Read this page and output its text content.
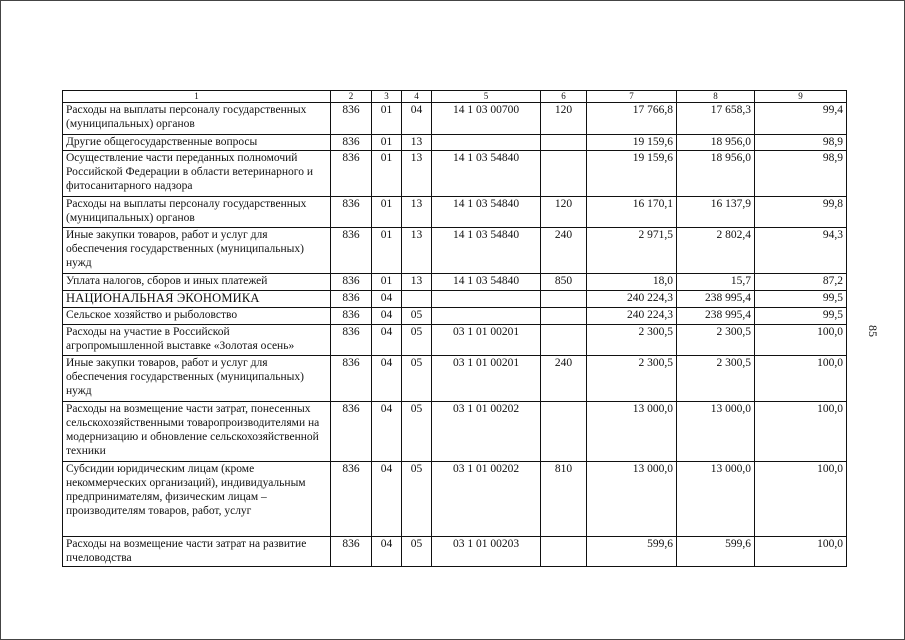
85
1	2	3	4	5	6	7	8	9
Расходы на выплаты персоналу государственных (муниципальных) органов	836	01	04	14 1 03 00700	120	17 766,8	17 658,3	99,4
Другие общегосударственные вопросы	836	01	13			19 159,6	18 956,0	98,9
Осуществление части переданных полномочий Российской Федерации в области ветеринарного и фитосанитарного надзора	836	01	13	14 1 03 54840		19 159,6	18 956,0	98,9
Расходы на выплаты персоналу государственных (муниципальных) органов	836	01	13	14 1 03 54840	120	16 170,1	16 137,9	99,8
Иные закупки товаров, работ и услуг для обеспечения государственных (муниципальных) нужд	836	01	13	14 1 03 54840	240	2 971,5	2 802,4	94,3
Уплата налогов, сборов и иных платежей	836	01	13	14 1 03 54840	850	18,0	15,7	87,2
НАЦИОНАЛЬНАЯ ЭКОНОМИКА	836	04				240 224,3	238 995,4	99,5
Сельское хозяйство и рыболовство	836	04	05			240 224,3	238 995,4	99,5
Расходы на участие в Российской агропромышленной выставке «Золотая осень»	836	04	05	03 1 01 00201		2 300,5	2 300,5	100,0
Иные закупки товаров, работ и услуг для обеспечения государственных (муниципальных) нужд	836	04	05	03 1 01 00201	240	2 300,5	2 300,5	100,0
Расходы на возмещение части затрат, понесенных сельскохозяйственными товаропроизводителями на модернизацию и обновление сельскохозяйственной техники	836	04	05	03 1 01 00202		13 000,0	13 000,0	100,0
Субсидии юридическим лицам (кроме некоммерческих организаций), индивидуальным предпринимателям, физическим лицам – производителям товаров, работ, услуг	836	04	05	03 1 01 00202	810	13 000,0	13 000,0	100,0
Расходы на возмещение части затрат на развитие пчеловодства	836	04	05	03 1 01 00203		599,6	599,6	100,0
